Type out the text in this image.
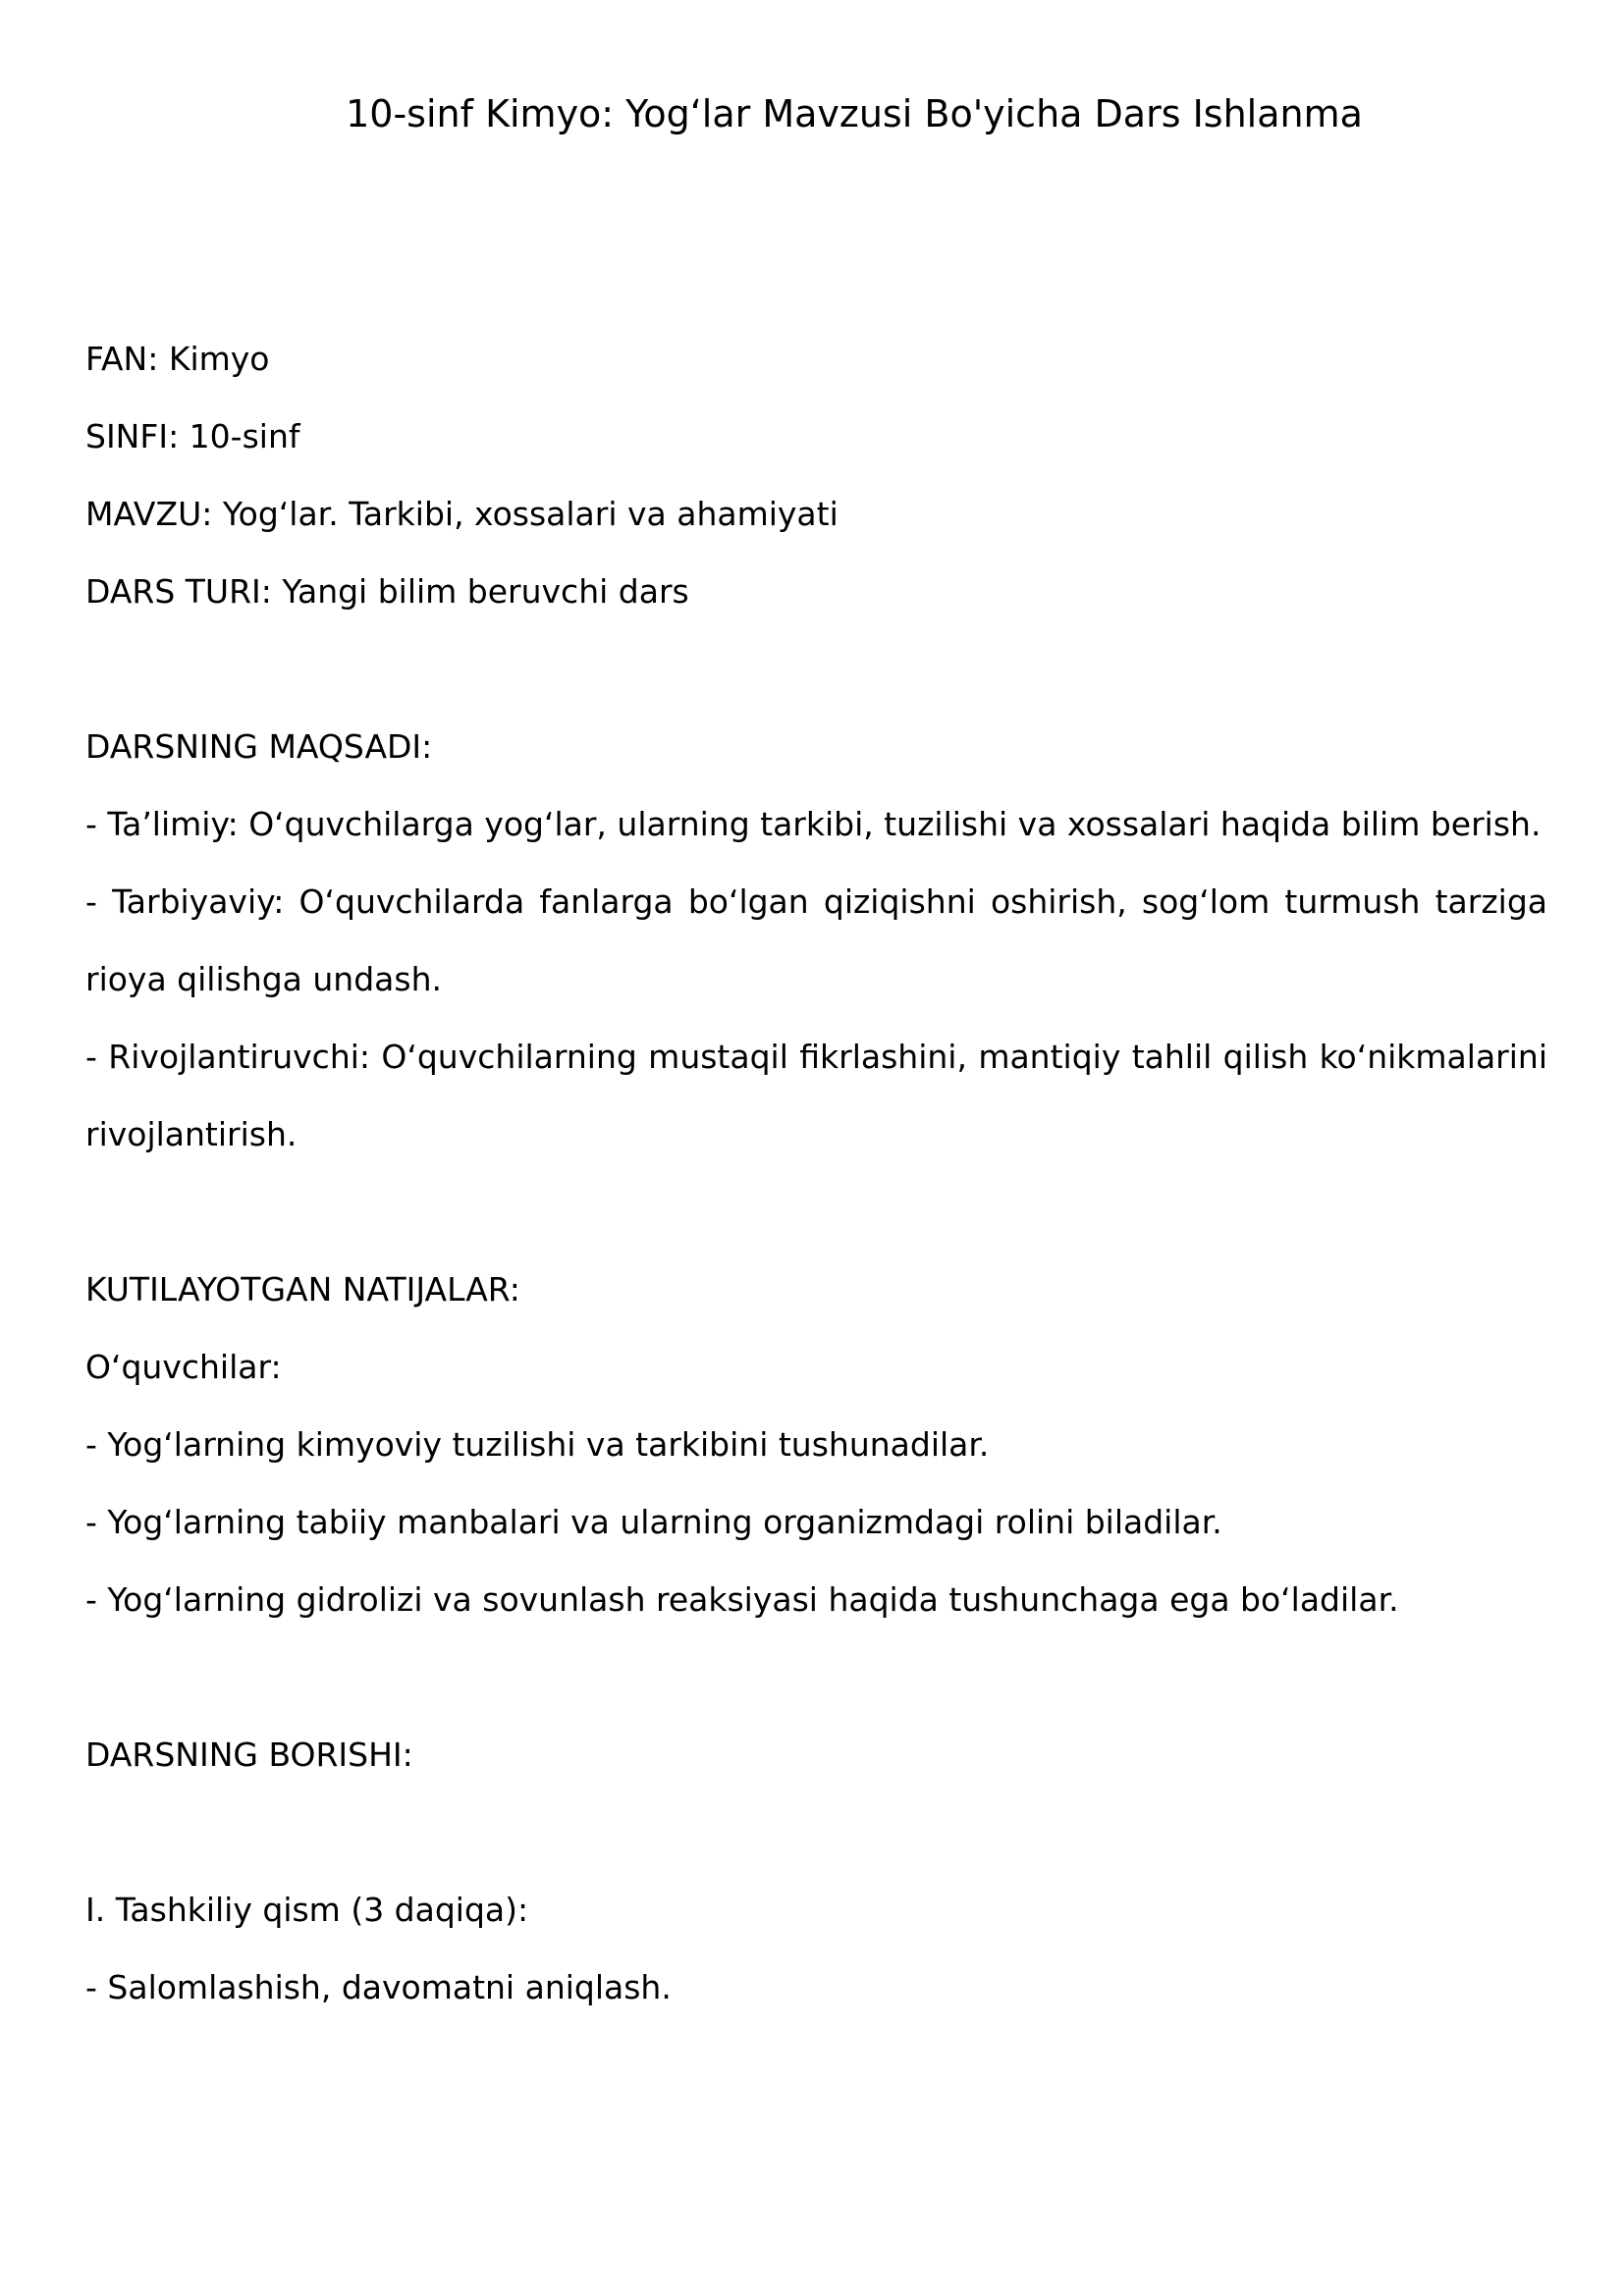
10-sinf Kimyo: Yog‘lar Mavzusi Bo'yicha Dars Ishlanma

FAN: Kimyo

SINFI: 10-sinf

MAVZU: Yog‘lar. Tarkibi, xossalari va ahamiyati

DARS TURI: Yangi bilim beruvchi dars

DARSNING MAQSADI:

- Ta’limiy: O‘quvchilarga yog‘lar, ularning tarkibi, tuzilishi va xossalari haqida bilim berish.

- Tarbiyaviy: O‘quvchilarda fanlarga bo‘lgan qiziqishni oshirish, sog‘lom turmush tarziga rioya qilishga undash.

- Rivojlantiruvchi: O‘quvchilarning mustaqil fikrlashini, mantiqiy tahlil qilish ko‘nikmalarini rivojlantirish.

KUTILAYOTGAN NATIJALAR:

O‘quvchilar:

- Yog‘larning kimyoviy tuzilishi va tarkibini tushunadilar.

- Yog‘larning tabiiy manbalari va ularning organizmdagi rolini biladilar.

- Yog‘larning gidrolizi va sovunlash reaksiyasi haqida tushunchaga ega bo‘ladilar.

DARSNING BORISHI:

I. Tashkiliy qism (3 daqiqa):

- Salomlashish, davomatni aniqlash.
